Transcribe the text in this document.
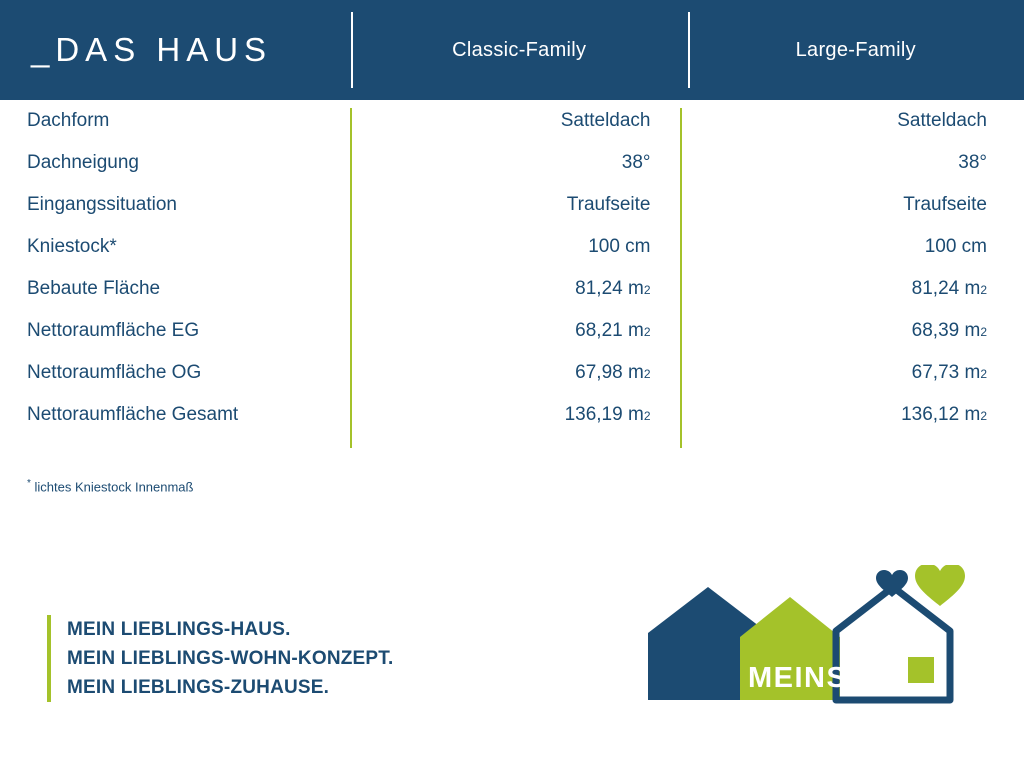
_DAS HAUS	Classic-Family	Large-Family
Dachform	Satteldach	Satteldach
Dachneigung	38°	38°
Eingangssituation	Traufseite	Traufseite
Kniestock*	100 cm	100 cm
Bebaute Fläche	81,24 m 2	81,24 m 2
Nettoraumfläche EG	68,21 m 2	68,39 m 2
Nettoraumfläche OG	67,98 m 2	67,73 m 2
Nettoraumfläche Gesamt	136,19 m 2	136,12 m 2
* lichtes Kniestock Innenmaß
MEIN LIEBLINGS-HAUS.
MEIN LIEBLINGS-WOHN-KONZEPT.
MEIN LIEBLINGS-ZUHAUSE.	MEINS
